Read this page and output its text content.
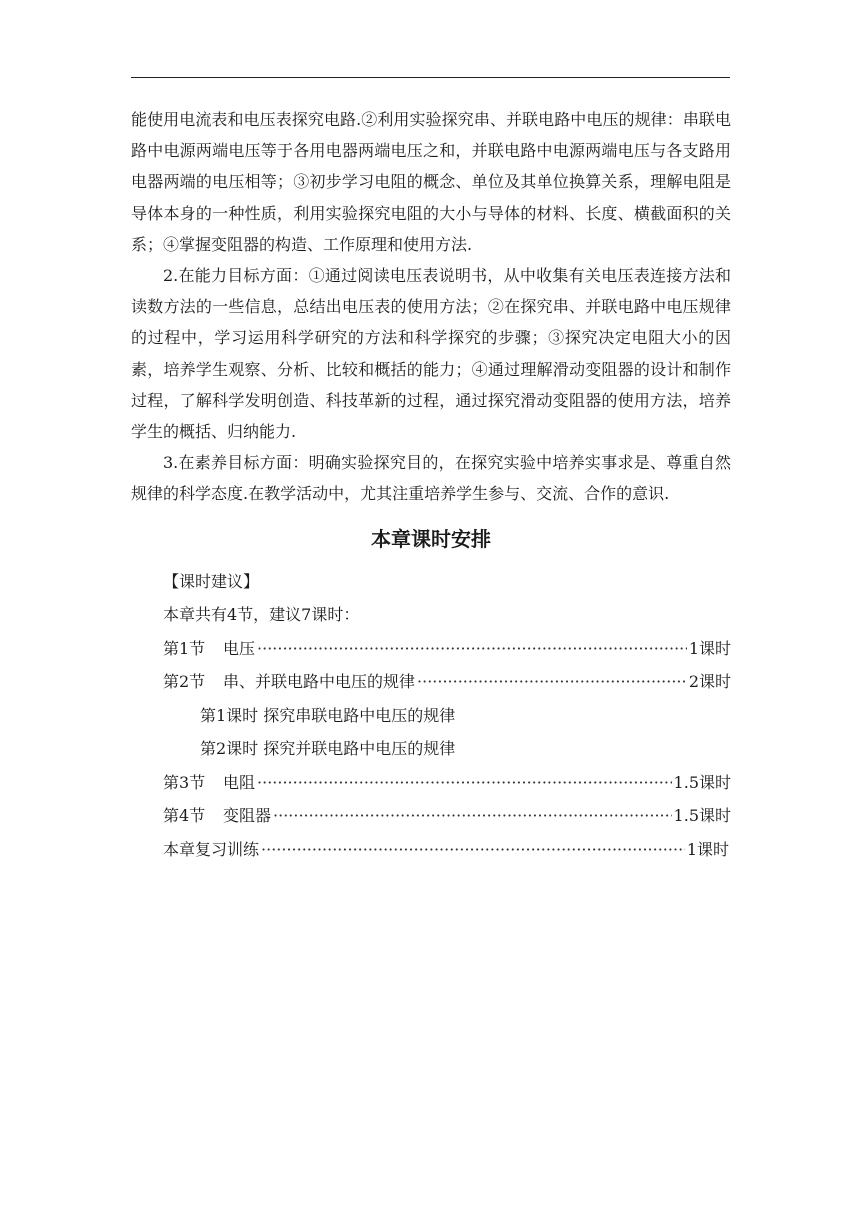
能使用电流表和电压表探究电路.②利用实验探究串、并联电路中电压的规律：串联电路中电源两端电压等于各用电器两端电压之和，并联电路中电源两端电压与各支路用电器两端的电压相等；③初步学习电阻的概念、单位及其单位换算关系，理解电阻是导体本身的一种性质，利用实验探究电阻的大小与导体的材料、长度、横截面积的关系；④掌握变阻器的构造、工作原理和使用方法.

2.在能力目标方面：①通过阅读电压表说明书，从中收集有关电压表连接方法和读数方法的一些信息，总结出电压表的使用方法；②在探究串、并联电路中电压规律的过程中，学习运用科学研究的方法和科学探究的步骤；③探究决定电阻大小的因素，培养学生观察、分析、比较和概括的能力；④通过理解滑动变阻器的设计和制作过程，了解科学发明创造、科技革新的过程，通过探究滑动变阻器的使用方法，培养学生的概括、归纳能力.

3.在素养目标方面：明确实验探究目的，在探究实验中培养实事求是、尊重自然规律的科学态度.在教学活动中，尤其注重培养学生参与、交流、合作的意识.

本章课时安排

【课时建议】

本章共有4节，建议7课时：

第1节	电压 ·····	1课时
第2节	串、并联电路中电压的规律 ·····	2课时

第1课时 探究串联电路中电压的规律

第2课时 探究并联电路中电压的规律

第3节	电阻 ·····	1.5课时
第4节	变阻器 ·····	1.5课时
本章复习训练 ·····	1课时
